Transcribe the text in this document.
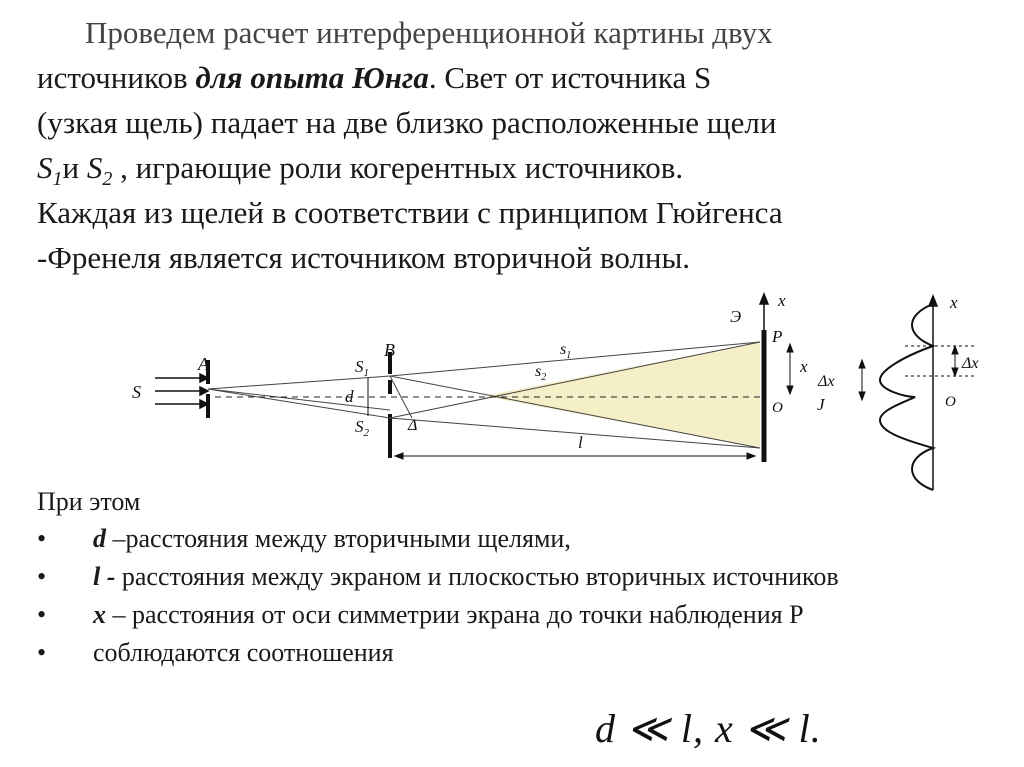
Проведем расчет интерференционной картины двух
источников для опыта Юнга. Свет от источника S
(узкая щель) падает на две близко расположенные щели
$S_1и$ $S_2$ , играющие роли когерентных источников.
Каждая из щелей в соответствии с принципом Гюйгенса
-Френеля является источником вторичной волны.

S
A
B
$S_1$
$S_2$
d
Δ
$s_1$
$s_2$
l
Э
P
x
x
O J
Δx
Δx
x
O

При этом

• d –расстояния между вторичными щелями,
• l - расстояния между экраном и плоскостью вторичных источников
• x – расстояния от оси симметрии экрана до точки наблюдения P
• соблюдаются соотношения
d ≪ l, x ≪ l.
